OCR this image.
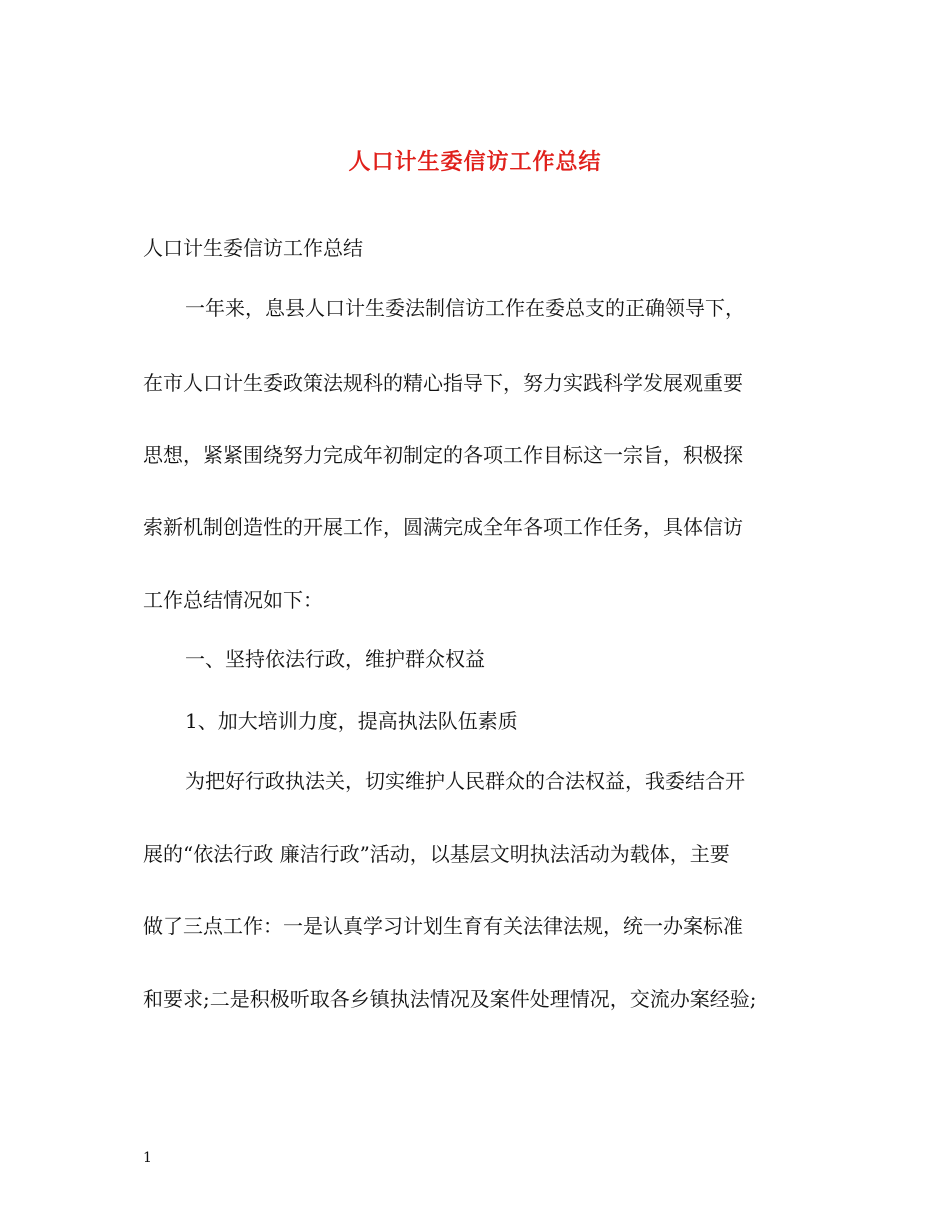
人口计生委信访工作总结
人口计生委信访工作总结
一年来，息县人口计生委法制信访工作在委总支的正确领导下，
在市人口计生委政策法规科的精心指导下，努力实践科学发展观重要
思想，紧紧围绕努力完成年初制定的各项工作目标这一宗旨，积极探
索新机制创造性的开展工作，圆满完成全年各项工作任务，具体信访
工作总结情况如下：
一、坚持依法行政，维护群众权益
1、加大培训力度，提高执法队伍素质
为把好行政执法关，切实维护人民群众的合法权益，我委结合开
展的“依法行政 廉洁行政”活动，以基层文明执法活动为载体，主要
做了三点工作：一是认真学习计划生育有关法律法规，统一办案标准
和要求;二是积极听取各乡镇执法情况及案件处理情况，交流办案经验;
1
